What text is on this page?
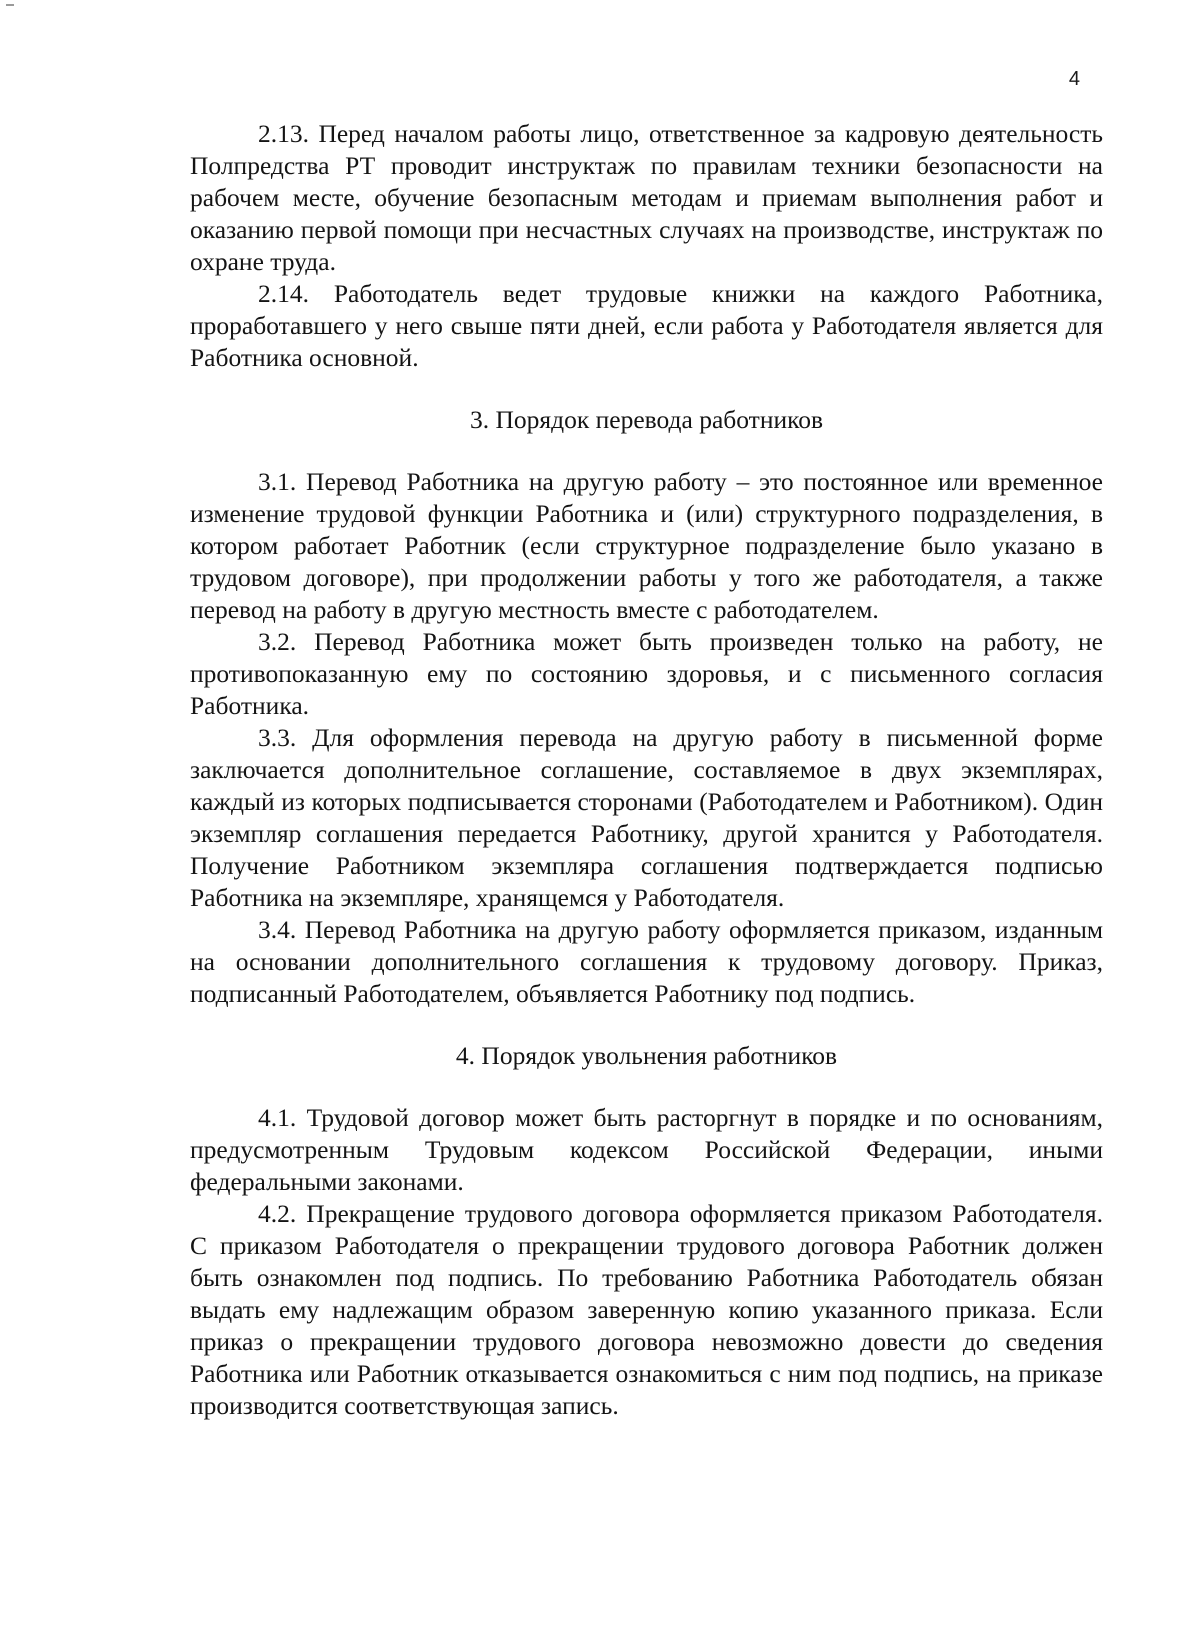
4

2.13. Перед началом работы лицо, ответственное за кадровую деятельность Полпредства РТ проводит инструктаж по правилам техники безопасности на рабочем месте, обучение безопасным методам и приемам выполнения работ и оказанию первой помощи при несчастных случаях на производстве, инструктаж по охране труда.

2.14. Работодатель ведет трудовые книжки на каждого Работника, проработавшего у него свыше пяти дней, если работа у Работодателя является для Работника основной.

3. Порядок перевода работников

3.1. Перевод Работника на другую работу – это постоянное или временное изменение трудовой функции Работника и (или) структурного подразделения, в котором работает Работник (если структурное подразделение было указано в трудовом договоре), при продолжении работы у того же работодателя, а также перевод на работу в другую местность вместе с работодателем.

3.2. Перевод Работника может быть произведен только на работу, не противопоказанную ему по состоянию здоровья, и с письменного согласия Работника.

3.3. Для оформления перевода на другую работу в письменной форме заключается дополнительное соглашение, составляемое в двух экземплярах, каждый из которых подписывается сторонами (Работодателем и Работником). Один экземпляр соглашения передается Работнику, другой хранится у Работодателя. Получение Работником экземпляра соглашения подтверждается подписью Работника на экземпляре, хранящемся у Работодателя.

3.4. Перевод Работника на другую работу оформляется приказом, изданным на основании дополнительного соглашения к трудовому договору. Приказ, подписанный Работодателем, объявляется Работнику под подпись.

4. Порядок увольнения работников

4.1. Трудовой договор может быть расторгнут в порядке и по основаниям, предусмотренным Трудовым кодексом Российской Федерации, иными федеральными законами.

4.2. Прекращение трудового договора оформляется приказом Работодателя. С приказом Работодателя о прекращении трудового договора Работник должен быть ознакомлен под подпись. По требованию Работника Работодатель обязан выдать ему надлежащим образом заверенную копию указанного приказа. Если приказ о прекращении трудового договора невозможно довести до сведения Работника или Работник отказывается ознакомиться с ним под подпись, на приказе производится соответствующая запись.
